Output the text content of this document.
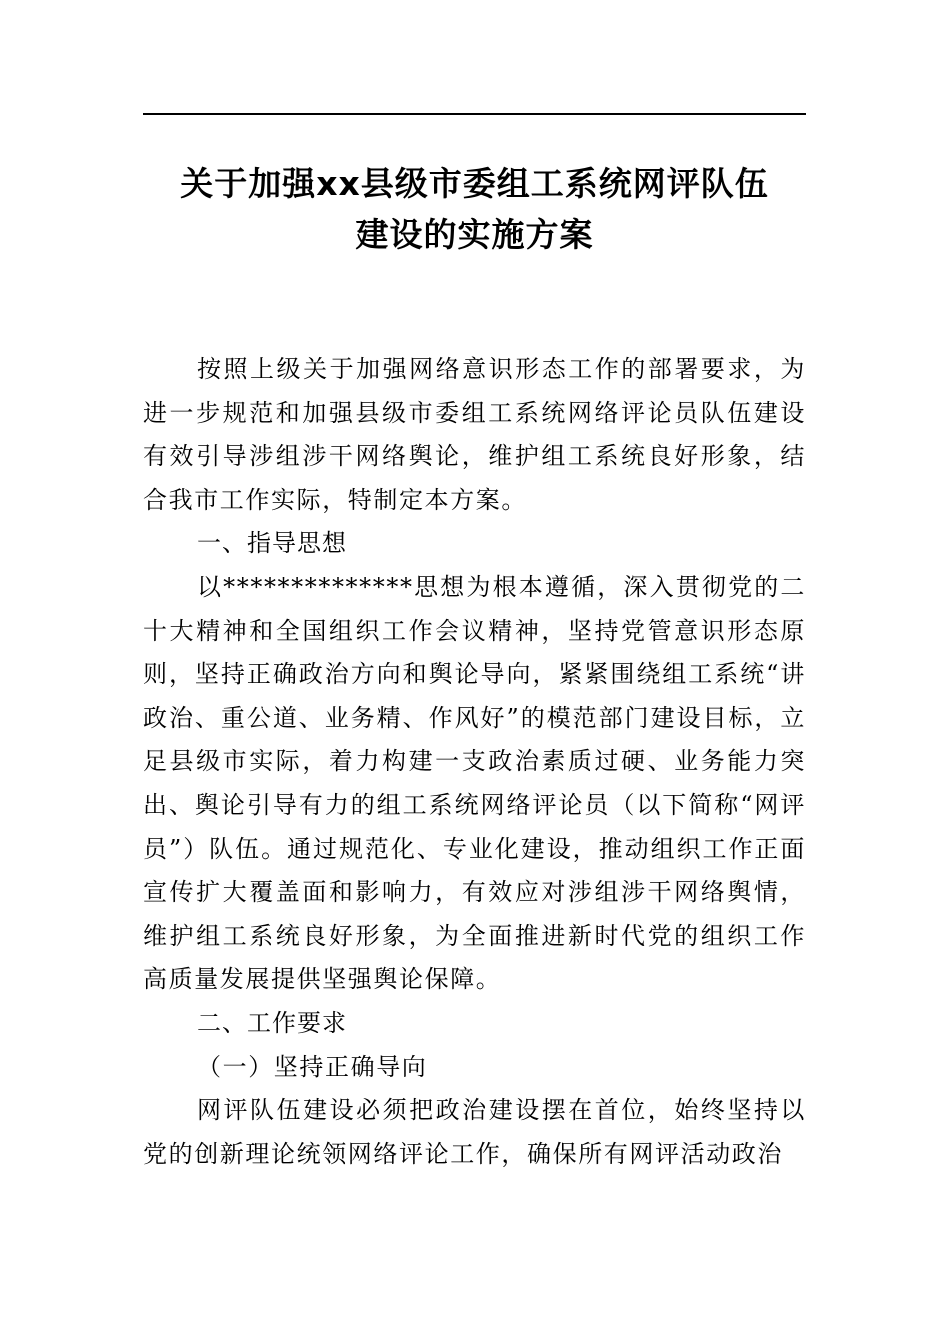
关于加强xx县级市委组工系统网评队伍
建设的实施方案

按照上级关于加强网络意识形态工作的部署要求，为进一步规范和加强县级市委组工系统网络评论员队伍建设有效引导涉组涉干网络舆论，维护组工系统良好形象，结合我市工作实际，特制定本方案。

一、指导思想

以**************思想为根本遵循，深入贯彻党的二十大精神和全国组织工作会议精神，坚持党管意识形态原则，坚持正确政治方向和舆论导向，紧紧围绕组工系统“讲政治、重公道、业务精、作风好”的模范部门建设目标，立足县级市实际，着力构建一支政治素质过硬、业务能力突出、舆论引导有力的组工系统网络评论员（以下简称“网评员”）队伍。通过规范化、专业化建设，推动组织工作正面宣传扩大覆盖面和影响力，有效应对涉组涉干网络舆情，维护组工系统良好形象，为全面推进新时代党的组织工作高质量发展提供坚强舆论保障。

二、工作要求

（一）坚持正确导向

网评队伍建设必须把政治建设摆在首位，始终坚持以党的创新理论统领网络评论工作，确保所有网评活动政治
